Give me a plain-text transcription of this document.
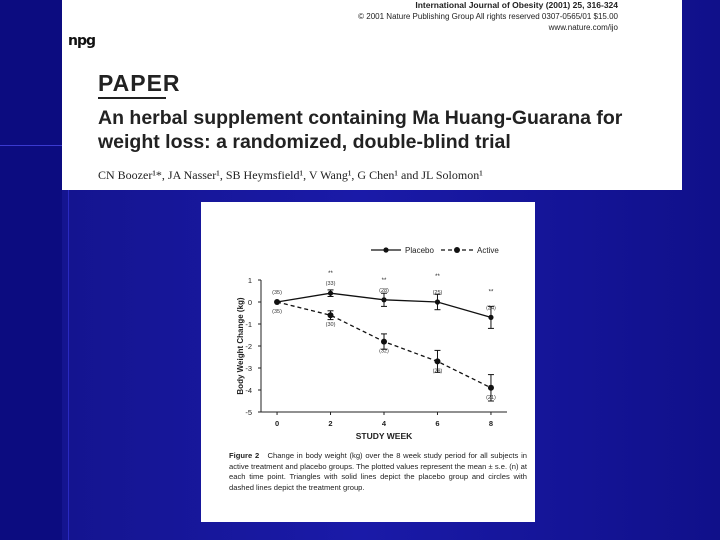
npg
International Journal of Obesity (2001) 25, 316-324
© 2001 Nature Publishing Group All rights reserved 0307-0565/01 $15.00
www.nature.com/ijo
PAPER
An herbal supplement containing Ma Huang-Guarana for weight loss: a randomized, double-blind trial
CN Boozer¹*, JA Nasser¹, SB Heymsfield¹, V Wang¹, G Chen¹ and JL Solomon¹
1
0
-1
-2
-3
-4
-5
0	2	4	6	8
STUDY WEEK
Body Weight Change (kg)
(35)
(33)
**
(28)
**
(25)
**
(24)
**
(35)
(30)
(32)
(28)
(21)
Placebo	Active
Figure 2 Change in body weight (kg) over the 8 week study period for all subjects in active treatment and placebo groups. The plotted values represent the mean ± s.e. (n) at each time point. Triangles with solid lines depict the placebo group and circles with dashed lines depict the treatment group.
